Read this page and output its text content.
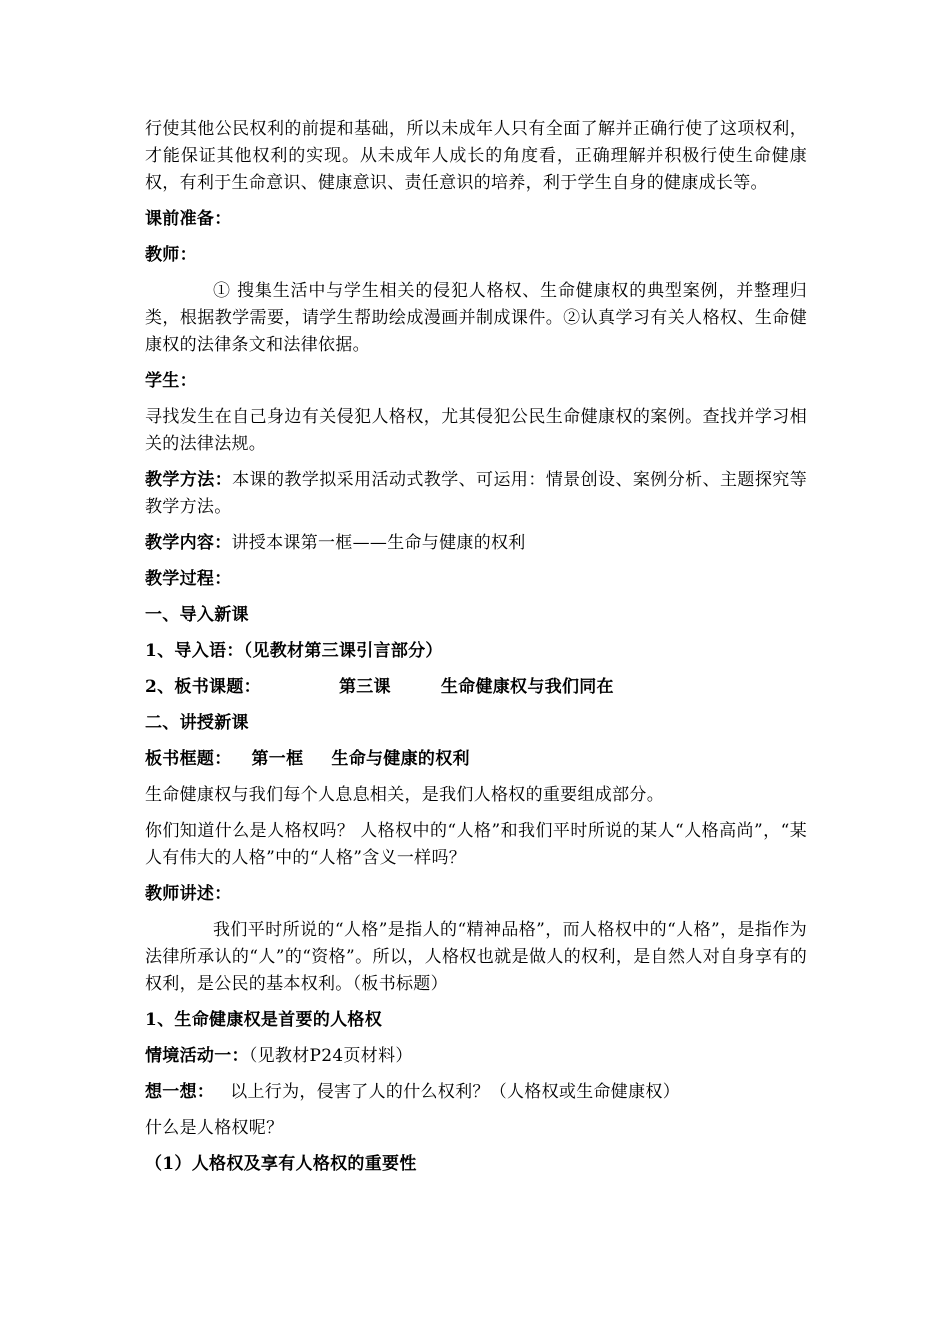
行使其他公民权利的前提和基础，所以未成年人只有全面了解并正确行使了这项权利，才能保证其他权利的实现。从未成年人成长的角度看，正确理解并积极行使生命健康权，有利于生命意识、健康意识、责任意识的培养，利于学生自身的健康成长等。

课前准备：

教师：

① 搜集生活中与学生相关的侵犯人格权、生命健康权的典型案例，并整理归类，根据教学需要，请学生帮助绘成漫画并制成课件。②认真学习有关人格权、生命健康权的法律条文和法律依据。

学生：

寻找发生在自己身边有关侵犯人格权，尤其侵犯公民生命健康权的案例。查找并学习相关的法律法规。

教学方法：本课的教学拟采用活动式教学、可运用：情景创设、案例分析、主题探究等教学方法。

教学内容：讲授本课第一框——生命与健康的权利

教学过程：

一、导入新课

1、导入语：（见教材第三课引言部分）

2、板书课题：	第三课	生命健康权与我们同在

二、讲授新课

板书框题： 第一框 生命与健康的权利

生命健康权与我们每个人息息相关，是我们人格权的重要组成部分。

你们知道什么是人格权吗？ 人格权中的“人格”和我们平时所说的某人“人格高尚”，“某人有伟大的人格”中的“人格”含义一样吗？

教师讲述：

我们平时所说的“人格”是指人的“精神品格”，而人格权中的“人格”，是指作为法律所承认的“人”的“资格”。所以，人格权也就是做人的权利，是自然人对自身享有的权利，是公民的基本权利。（板书标题）

1、生命健康权是首要的人格权

情境活动一：（见教材P24页材料）

想一想： 以上行为，侵害了人的什么权利？（人格权或生命健康权）

什么是人格权呢？

（1）人格权及享有人格权的重要性
